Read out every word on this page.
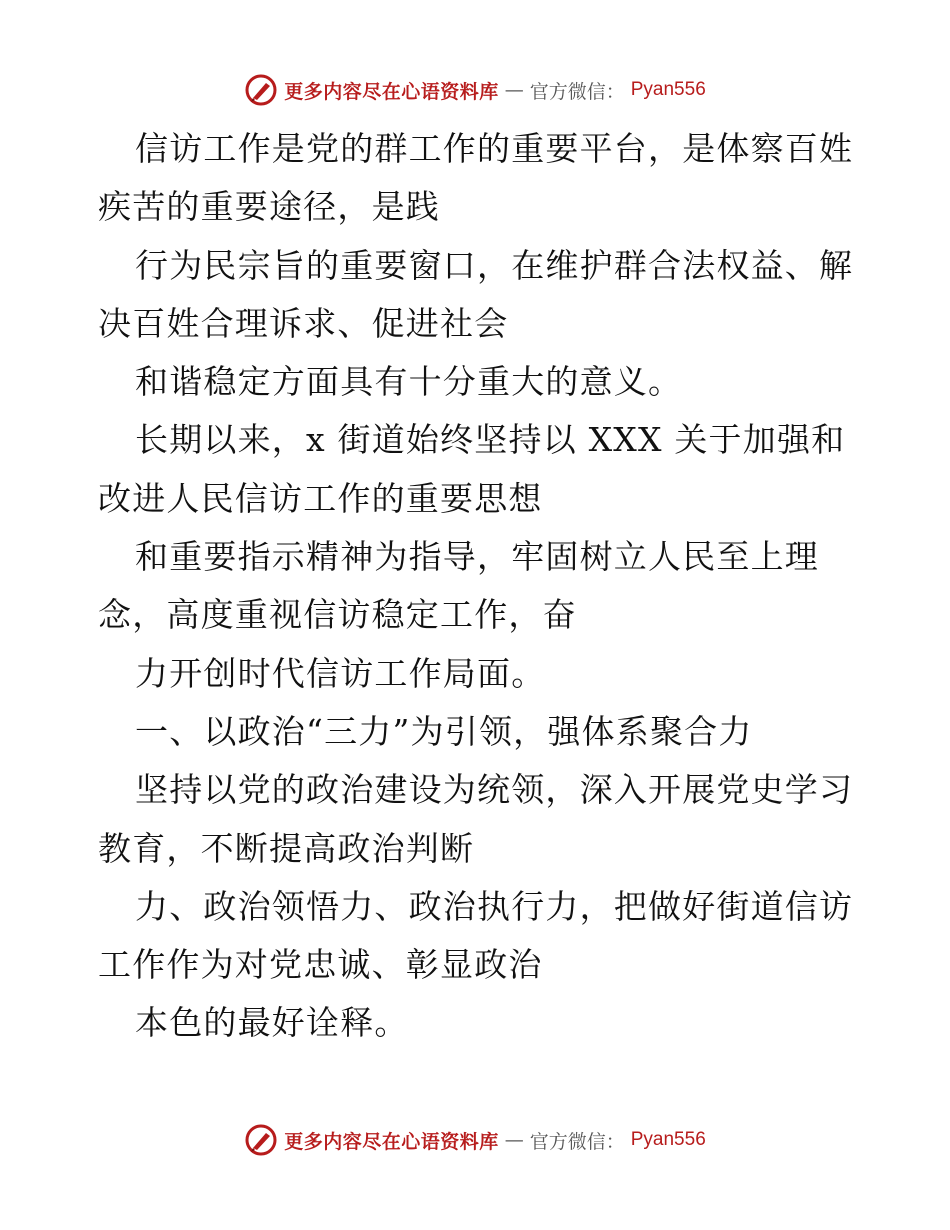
更多内容尽在心语资料库 — 官方微信： Pyan556

信访工作是党的群工作的重要平台，是体察百姓疾苦的重要途径，是践

行为民宗旨的重要窗口，在维护群合法权益、解决百姓合理诉求、促进社会

和谐稳定方面具有十分重大的意义。

长期以来，x 街道始终坚持以 XXX 关于加强和改进人民信访工作的重要思想

和重要指示精神为指导，牢固树立人民至上理念，高度重视信访稳定工作，奋

力开创时代信访工作局面。

一、以政治“三力”为引领，强体系聚合力

坚持以党的政治建设为统领，深入开展党史学习教育，不断提高政治判断

力、政治领悟力、政治执行力，把做好街道信访工作作为对党忠诚、彰显政治

本色的最好诠释。

更多内容尽在心语资料库 — 官方微信： Pyan556
